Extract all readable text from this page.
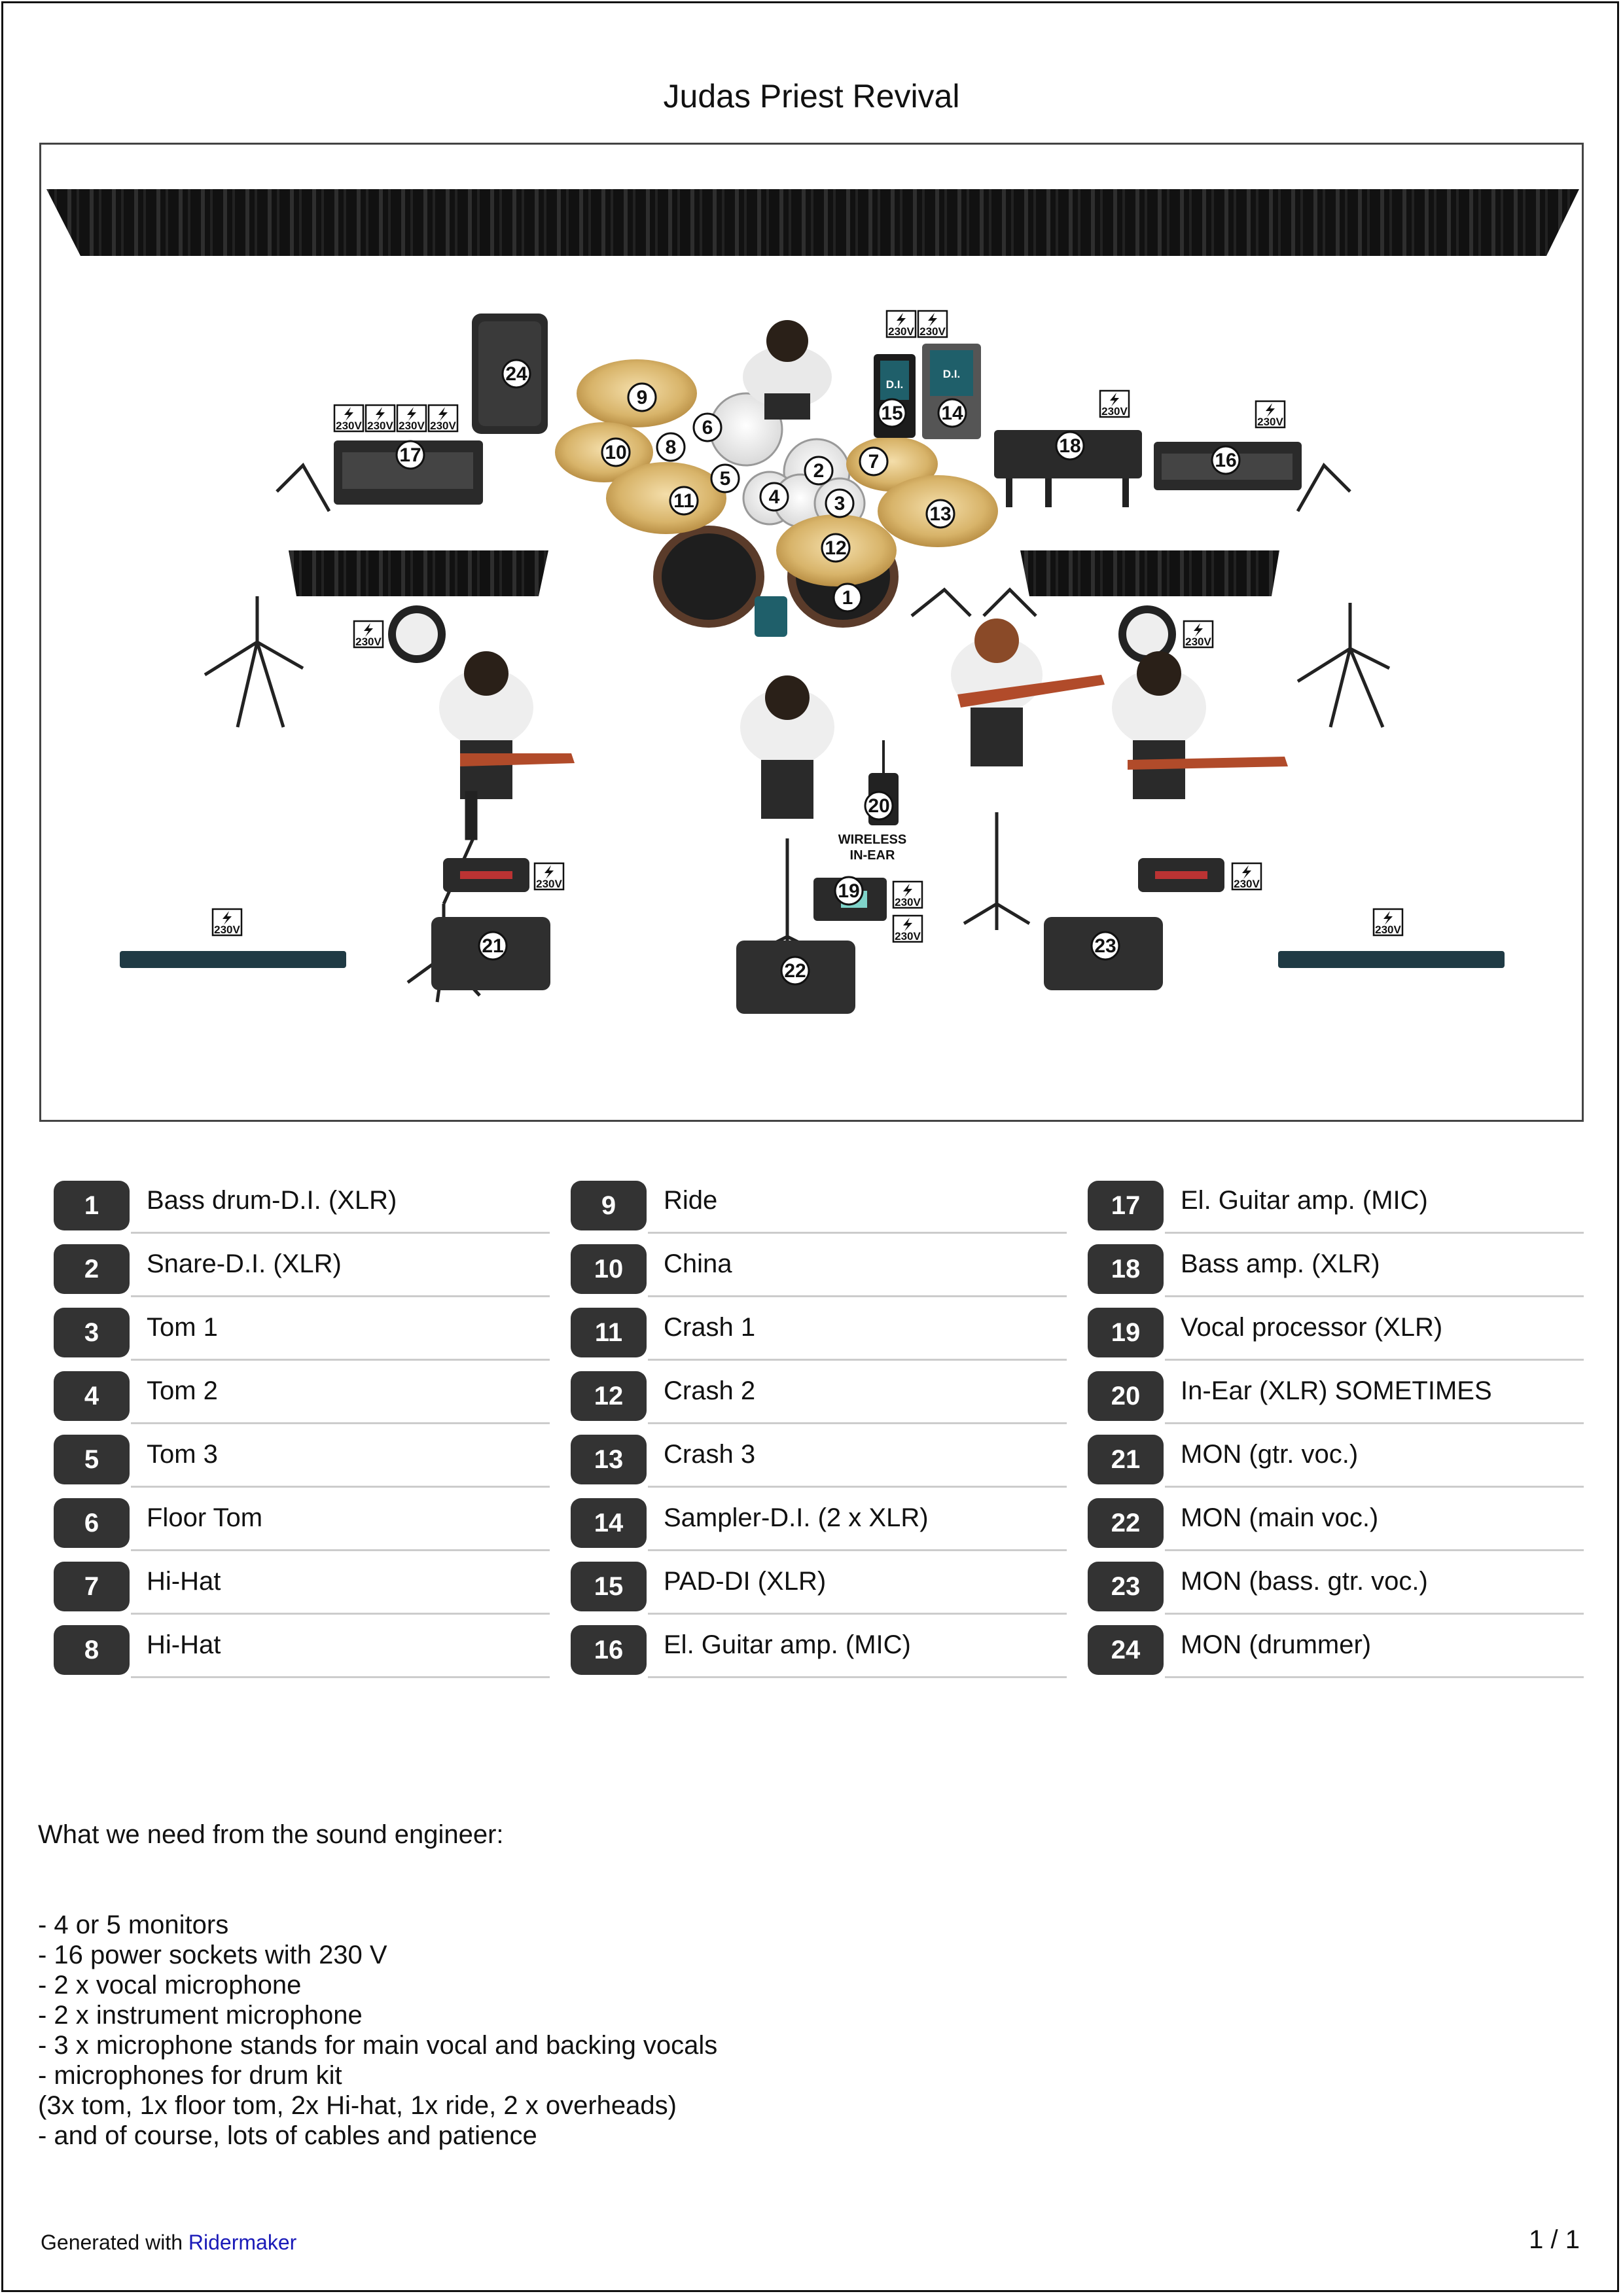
Judas Priest Revival
D.I.
D.I.
WIRELESS
IN-EAR
230V 230V
230V 230V 230V 230V
230V
230V
230V	230V
230V	230V
230V
230V
230V	230V
1
2
3
4
5
6
7
8
9
10
11
12
13
14
15
16
17	18
19
20
21
22
23
24
1	Bass drum-D.I. (XLR)
2	Snare-D.I. (XLR)
3	Tom 1
4	Tom 2
5	Tom 3
6	Floor Tom
7	Hi-Hat
8	Hi-Hat
9	Ride
10	China
11	Crash 1
12	Crash 2
13	Crash 3
14	Sampler-D.I. (2 x XLR)
15	PAD-DI (XLR)
16	El. Guitar amp. (MIC)
17	El. Guitar amp. (MIC)
18	Bass amp. (XLR)
19	Vocal processor (XLR)
20	In-Ear (XLR) SOMETIMES
21	MON (gtr. voc.)
22	MON (main voc.)
23	MON (bass. gtr. voc.)
24	MON (drummer)

What we need from the sound engineer:

- 4 or 5 monitors
- 16 power sockets with 230 V
- 2 x vocal microphone
- 2 x instrument microphone
- 3 x microphone stands for main vocal and backing vocals
- microphones for drum kit
(3x tom, 1x floor tom, 2x Hi-hat, 1x ride, 2 x overheads)
- and of course, lots of cables and patience

Generated with Ridermaker	1 / 1
